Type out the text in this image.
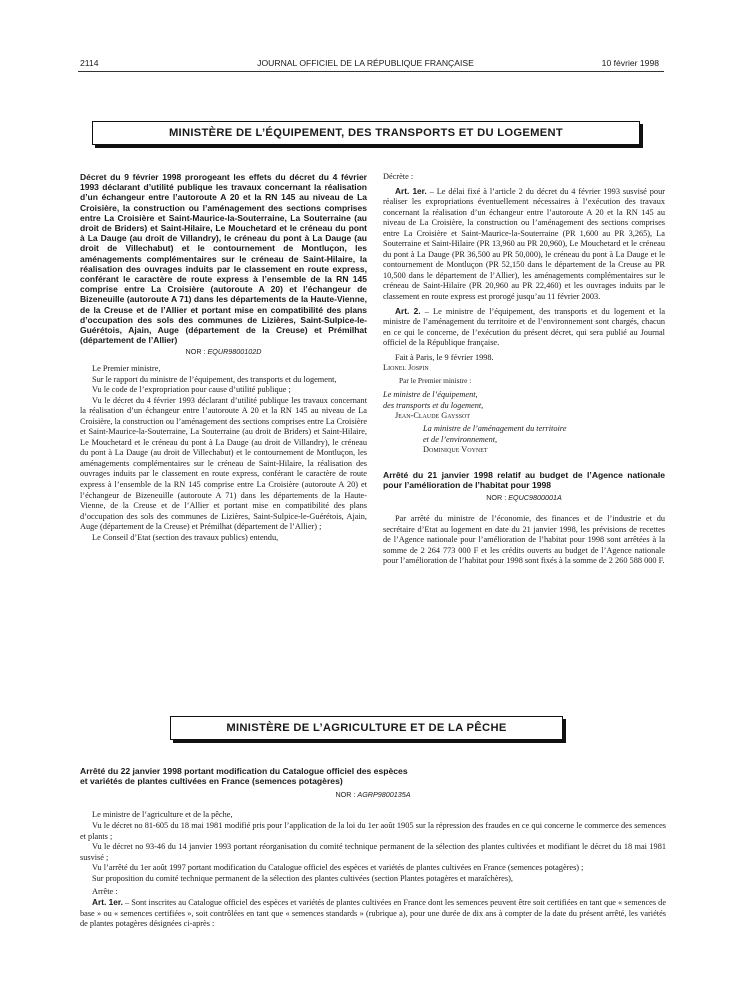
2114	JOURNAL OFFICIEL DE LA RÉPUBLIQUE FRANÇAISE	10 février 1998
MINISTÈRE DE L’ÉQUIPEMENT, DES TRANSPORTS ET DU LOGEMENT

Décret du 9 février 1998 prorogeant les effets du décret du 4 février 1993 déclarant d’utilité publique les travaux concernant la réalisation d’un échangeur entre l’autoroute A 20 et la RN 145 au niveau de La Croisière, la construction ou l’aménagement des sections comprises entre La Croisière et Saint-Maurice-la-Souterraine, La Souterraine (au droit de Briders) et Saint-Hilaire, Le Mouchetard et le créneau du pont à La Dauge (au droit de Villandry), le créneau du pont à La Dauge (au droit de Villechabut) et le contournement de Montluçon, les aménagements complémentaires sur le créneau de Saint-Hilaire, la réalisation des ouvrages induits par le classement en route express, conférant le caractère de route express à l’ensemble de la RN 145 comprise entre La Croisière (autoroute A 20) et l’échangeur de Bizeneuille (autoroute A 71) dans les départements de la Haute-Vienne, de la Creuse et de l’Allier et portant mise en compatibilité des plans d’occupation des sols des communes de Lizières, Saint-Sulpice-le-Guérétois, Ajain, Auge (département de la Creuse) et Prémilhat (département de l’Allier)

NOR : EQUR9800102D

Le Premier ministre,

Sur le rapport du ministre de l’équipement, des transports et du logement,

Vu le code de l’expropriation pour cause d’utilité publique ;

Vu le décret du 4 février 1993 déclarant d’utilité publique les travaux concernant la réalisation d’un échangeur entre l’autoroute A 20 et la RN 145 au niveau de La Croisière, la construction ou l’aménagement des sections comprises entre La Croisière et Saint-Maurice-la-Souterraine, La Souterraine (au droit de Briders) et Saint-Hilaire, Le Mouchetard et le créneau du pont à La Dauge (au droit de Villandry), le créneau du pont à La Dauge (au droit de Villechabut) et le contournement de Montluçon, les aménagements complémentaires sur le créneau de Saint-Hilaire, la réalisation des ouvrages induits par le classement en route express, conférant le caractère de route express à l’ensemble de la RN 145 comprise entre La Croisière (autoroute A 20) et l’échangeur de Bizeneuille (autoroute A 71) dans les départements de la Haute-Vienne, de la Creuse et de l’Allier et portant mise en compatibilité des plans d’occupation des sols des communes de Lizières, Saint-Sulpice-le-Guérétois, Ajain, Auge (département de la Creuse) et Prémilhat (département de l’Allier) ;

Le Conseil d’Etat (section des travaux publics) entendu,

Décrète :

Art. 1er. – Le délai fixé à l’article 2 du décret du 4 février 1993 susvisé pour réaliser les expropriations éventuellement nécessaires à l’exécution des travaux concernant la réalisation d’un échangeur entre l’autoroute A 20 et la RN 145 au niveau de La Croisière, la construction ou l’aménagement des sections comprises entre La Croisière et Saint-Maurice-la-Souterraine (PR 1,600 au PR 3,265), La Souterraine et Saint-Hilaire (PR 13,960 au PR 20,960), Le Mouchetard et le créneau du pont à La Dauge (PR 36,500 au PR 50,000), le créneau du pont à La Dauge et le contournement de Montluçon (PR 52,150 dans le département de la Creuse au PR 10,500 dans le département de l’Allier), les aménagements complémentaires sur le créneau de Saint-Hilaire (PR 20,960 au PR 22,460) et les ouvrages induits par le classement en route express est prorogé jusqu’au 11 février 2003.

Art. 2. – Le ministre de l’équipement, des transports et du logement et la ministre de l’aménagement du territoire et de l’environnement sont chargés, chacun en ce qui le concerne, de l’exécution du présent décret, qui sera publié au Journal officiel de la République française.

Fait à Paris, le 9 février 1998.

Lionel Jospin

Par le Premier ministre :

Le ministre de l’équipement,

des transports et du logement,

Jean-Claude Gayssot

La ministre de l’aménagement du territoire

et de l’environnement,

Dominique Voynet

Arrêté du 21 janvier 1998 relatif au budget de l’Agence nationale pour l’amélioration de l’habitat pour 1998

NOR : EQUC9800001A

Par arrêté du ministre de l’économie, des finances et de l’industrie et du secrétaire d’Etat au logement en date du 21 janvier 1998, les prévisions de recettes de l’Agence nationale pour l’amélioration de l’habitat pour 1998 sont arrêtées à la somme de 2 264 773 000 F et les crédits ouverts au budget de l’Agence nationale pour l’amélioration de l’habitat pour 1998 sont fixés à la somme de 2 260 588 000 F.

MINISTÈRE DE L’AGRICULTURE ET DE LA PÊCHE

Arrêté du 22 janvier 1998 portant modification du Catalogue officiel des espèces

et variétés de plantes cultivées en France (semences potagères)

NOR : AGRP9800135A

Le ministre de l’agriculture et de la pêche,

Vu le décret no 81-605 du 18 mai 1981 modifié pris pour l’application de la loi du 1er août 1905 sur la répression des fraudes en ce qui concerne le commerce des semences et plants ;

Vu le décret no 93-46 du 14 janvier 1993 portant réorganisation du comité technique permanent de la sélection des plantes cultivées et modifiant le décret du 18 mai 1981 susvisé ;

Vu l’arrêté du 1er août 1997 portant modification du Catalogue officiel des espèces et variétés de plantes cultivées en France (semences potagères) ;

Sur proposition du comité technique permanent de la sélection des plantes cultivées (section Plantes potagères et maraîchères),

Arrête :

Art. 1er. – Sont inscrites au Catalogue officiel des espèces et variétés de plantes cultivées en France dont les semences peuvent être soit certifiées en tant que « semences de base » ou « semences certifiées », soit contrôlées en tant que « semences standards » (rubrique a), pour une durée de dix ans à compter de la date du présent arrêté, les variétés de plantes potagères désignées ci-après :
